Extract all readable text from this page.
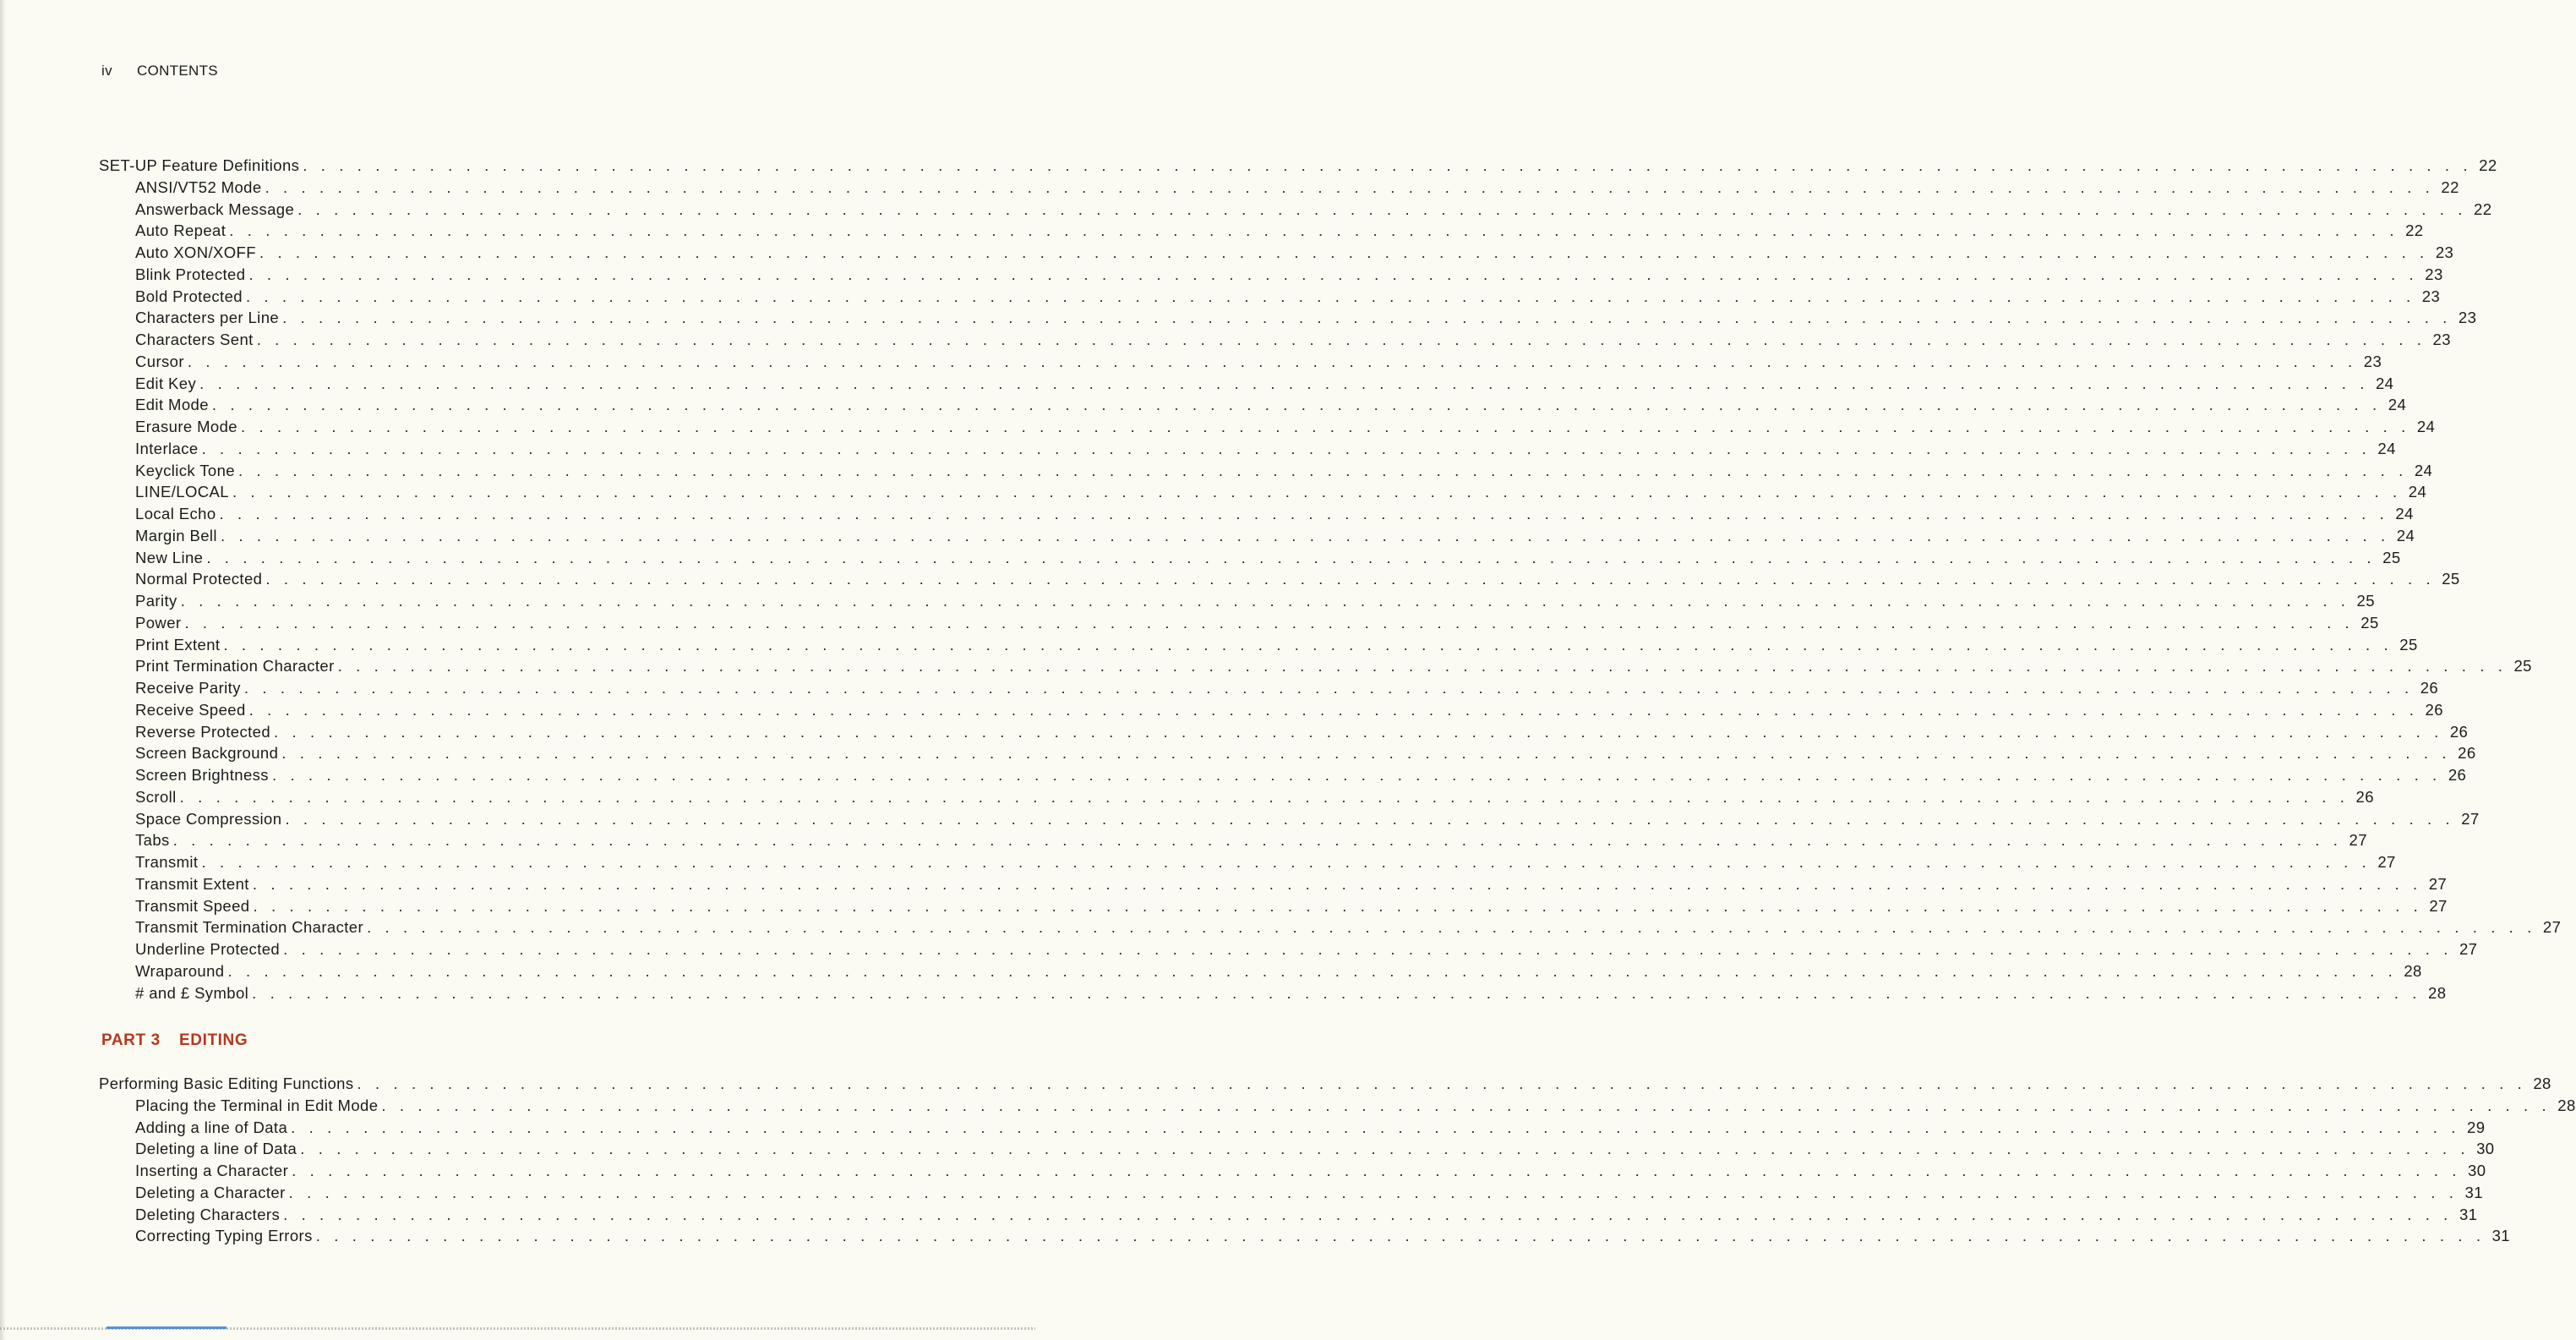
iv CONTENTS
SET-UP Feature Definitions . . . . . . . . . . . . . . . . . . . . . . . . . . . . . . . . . . . . . . . . . . . . . . . . . . . . . . . . . . . . . . . . . . . . . . . . . . . . . . . . . . . . . . . . . . . . . . . . . . . . . . . . . . . . . . . . . . . . . . . . 22
ANSI/VT52 Mode . . . . . . . . . . . . . . . . . . . . . . . . . . . . . . . . . . . . . . . . . . . . . . . . . . . . . . . . . . . . . . . . . . . . . . . . . . . . . . . . . . . . . . . . . . . . . . . . . . . . . . . . . . . . . . . . . . . . . . . . 22
Answerback Message . . . . . . . . . . . . . . . . . . . . . . . . . . . . . . . . . . . . . . . . . . . . . . . . . . . . . . . . . . . . . . . . . . . . . . . . . . . . . . . . . . . . . . . . . . . . . . . . . . . . . . . . . . . . . . . . . . . . . . . . 22
Auto Repeat . . . . . . . . . . . . . . . . . . . . . . . . . . . . . . . . . . . . . . . . . . . . . . . . . . . . . . . . . . . . . . . . . . . . . . . . . . . . . . . . . . . . . . . . . . . . . . . . . . . . . . . . . . . . . . . . . . . . . . . . 22
Auto XON/XOFF . . . . . . . . . . . . . . . . . . . . . . . . . . . . . . . . . . . . . . . . . . . . . . . . . . . . . . . . . . . . . . . . . . . . . . . . . . . . . . . . . . . . . . . . . . . . . . . . . . . . . . . . . . . . . . . . . . . . . . . . 23
Blink Protected . . . . . . . . . . . . . . . . . . . . . . . . . . . . . . . . . . . . . . . . . . . . . . . . . . . . . . . . . . . . . . . . . . . . . . . . . . . . . . . . . . . . . . . . . . . . . . . . . . . . . . . . . . . . . . . . . . . . . . . . 23
Bold Protected . . . . . . . . . . . . . . . . . . . . . . . . . . . . . . . . . . . . . . . . . . . . . . . . . . . . . . . . . . . . . . . . . . . . . . . . . . . . . . . . . . . . . . . . . . . . . . . . . . . . . . . . . . . . . . . . . . . . . . . . 23
Characters per Line . . . . . . . . . . . . . . . . . . . . . . . . . . . . . . . . . . . . . . . . . . . . . . . . . . . . . . . . . . . . . . . . . . . . . . . . . . . . . . . . . . . . . . . . . . . . . . . . . . . . . . . . . . . . . . . . . . . . . . . . 23
Characters Sent . . . . . . . . . . . . . . . . . . . . . . . . . . . . . . . . . . . . . . . . . . . . . . . . . . . . . . . . . . . . . . . . . . . . . . . . . . . . . . . . . . . . . . . . . . . . . . . . . . . . . . . . . . . . . . . . . . . . . . . . 23
Cursor . . . . . . . . . . . . . . . . . . . . . . . . . . . . . . . . . . . . . . . . . . . . . . . . . . . . . . . . . . . . . . . . . . . . . . . . . . . . . . . . . . . . . . . . . . . . . . . . . . . . . . . . . . . . . . . . . . . . . . . . 23
Edit Key . . . . . . . . . . . . . . . . . . . . . . . . . . . . . . . . . . . . . . . . . . . . . . . . . . . . . . . . . . . . . . . . . . . . . . . . . . . . . . . . . . . . . . . . . . . . . . . . . . . . . . . . . . . . . . . . . . . . . . . . 24
Edit Mode . . . . . . . . . . . . . . . . . . . . . . . . . . . . . . . . . . . . . . . . . . . . . . . . . . . . . . . . . . . . . . . . . . . . . . . . . . . . . . . . . . . . . . . . . . . . . . . . . . . . . . . . . . . . . . . . . . . . . . . . 24
Erasure Mode . . . . . . . . . . . . . . . . . . . . . . . . . . . . . . . . . . . . . . . . . . . . . . . . . . . . . . . . . . . . . . . . . . . . . . . . . . . . . . . . . . . . . . . . . . . . . . . . . . . . . . . . . . . . . . . . . . . . . . . . 24
Interlace . . . . . . . . . . . . . . . . . . . . . . . . . . . . . . . . . . . . . . . . . . . . . . . . . . . . . . . . . . . . . . . . . . . . . . . . . . . . . . . . . . . . . . . . . . . . . . . . . . . . . . . . . . . . . . . . . . . . . . . . 24
Keyclick Tone . . . . . . . . . . . . . . . . . . . . . . . . . . . . . . . . . . . . . . . . . . . . . . . . . . . . . . . . . . . . . . . . . . . . . . . . . . . . . . . . . . . . . . . . . . . . . . . . . . . . . . . . . . . . . . . . . . . . . . . . 24
LINE/LOCAL . . . . . . . . . . . . . . . . . . . . . . . . . . . . . . . . . . . . . . . . . . . . . . . . . . . . . . . . . . . . . . . . . . . . . . . . . . . . . . . . . . . . . . . . . . . . . . . . . . . . . . . . . . . . . . . . . . . . . . . . 24
Local Echo . . . . . . . . . . . . . . . . . . . . . . . . . . . . . . . . . . . . . . . . . . . . . . . . . . . . . . . . . . . . . . . . . . . . . . . . . . . . . . . . . . . . . . . . . . . . . . . . . . . . . . . . . . . . . . . . . . . . . . . . 24
Margin Bell . . . . . . . . . . . . . . . . . . . . . . . . . . . . . . . . . . . . . . . . . . . . . . . . . . . . . . . . . . . . . . . . . . . . . . . . . . . . . . . . . . . . . . . . . . . . . . . . . . . . . . . . . . . . . . . . . . . . . . . . 24
New Line . . . . . . . . . . . . . . . . . . . . . . . . . . . . . . . . . . . . . . . . . . . . . . . . . . . . . . . . . . . . . . . . . . . . . . . . . . . . . . . . . . . . . . . . . . . . . . . . . . . . . . . . . . . . . . . . . . . . . . . . 25
Normal Protected . . . . . . . . . . . . . . . . . . . . . . . . . . . . . . . . . . . . . . . . . . . . . . . . . . . . . . . . . . . . . . . . . . . . . . . . . . . . . . . . . . . . . . . . . . . . . . . . . . . . . . . . . . . . . . . . . . . . . . . . 25
Parity . . . . . . . . . . . . . . . . . . . . . . . . . . . . . . . . . . . . . . . . . . . . . . . . . . . . . . . . . . . . . . . . . . . . . . . . . . . . . . . . . . . . . . . . . . . . . . . . . . . . . . . . . . . . . . . . . . . . . . . . 25
Power . . . . . . . . . . . . . . . . . . . . . . . . . . . . . . . . . . . . . . . . . . . . . . . . . . . . . . . . . . . . . . . . . . . . . . . . . . . . . . . . . . . . . . . . . . . . . . . . . . . . . . . . . . . . . . . . . . . . . . . . 25
Print Extent . . . . . . . . . . . . . . . . . . . . . . . . . . . . . . . . . . . . . . . . . . . . . . . . . . . . . . . . . . . . . . . . . . . . . . . . . . . . . . . . . . . . . . . . . . . . . . . . . . . . . . . . . . . . . . . . . . . . . . . . 25
Print Termination Character . . . . . . . . . . . . . . . . . . . . . . . . . . . . . . . . . . . . . . . . . . . . . . . . . . . . . . . . . . . . . . . . . . . . . . . . . . . . . . . . . . . . . . . . . . . . . . . . . . . . . . . . . . . . . . . . . . . . . . . . 25
Receive Parity . . . . . . . . . . . . . . . . . . . . . . . . . . . . . . . . . . . . . . . . . . . . . . . . . . . . . . . . . . . . . . . . . . . . . . . . . . . . . . . . . . . . . . . . . . . . . . . . . . . . . . . . . . . . . . . . . . . . . . . . 26
Receive Speed . . . . . . . . . . . . . . . . . . . . . . . . . . . . . . . . . . . . . . . . . . . . . . . . . . . . . . . . . . . . . . . . . . . . . . . . . . . . . . . . . . . . . . . . . . . . . . . . . . . . . . . . . . . . . . . . . . . . . . . . 26
Reverse Protected . . . . . . . . . . . . . . . . . . . . . . . . . . . . . . . . . . . . . . . . . . . . . . . . . . . . . . . . . . . . . . . . . . . . . . . . . . . . . . . . . . . . . . . . . . . . . . . . . . . . . . . . . . . . . . . . . . . . . . . . 26
Screen Background . . . . . . . . . . . . . . . . . . . . . . . . . . . . . . . . . . . . . . . . . . . . . . . . . . . . . . . . . . . . . . . . . . . . . . . . . . . . . . . . . . . . . . . . . . . . . . . . . . . . . . . . . . . . . . . . . . . . . . . . 26
Screen Brightness . . . . . . . . . . . . . . . . . . . . . . . . . . . . . . . . . . . . . . . . . . . . . . . . . . . . . . . . . . . . . . . . . . . . . . . . . . . . . . . . . . . . . . . . . . . . . . . . . . . . . . . . . . . . . . . . . . . . . . . . 26
Scroll . . . . . . . . . . . . . . . . . . . . . . . . . . . . . . . . . . . . . . . . . . . . . . . . . . . . . . . . . . . . . . . . . . . . . . . . . . . . . . . . . . . . . . . . . . . . . . . . . . . . . . . . . . . . . . . . . . . . . . . . 26
Space Compression . . . . . . . . . . . . . . . . . . . . . . . . . . . . . . . . . . . . . . . . . . . . . . . . . . . . . . . . . . . . . . . . . . . . . . . . . . . . . . . . . . . . . . . . . . . . . . . . . . . . . . . . . . . . . . . . . . . . . . . . 27
Tabs . . . . . . . . . . . . . . . . . . . . . . . . . . . . . . . . . . . . . . . . . . . . . . . . . . . . . . . . . . . . . . . . . . . . . . . . . . . . . . . . . . . . . . . . . . . . . . . . . . . . . . . . . . . . . . . . . . . . . . . . 27
Transmit . . . . . . . . . . . . . . . . . . . . . . . . . . . . . . . . . . . . . . . . . . . . . . . . . . . . . . . . . . . . . . . . . . . . . . . . . . . . . . . . . . . . . . . . . . . . . . . . . . . . . . . . . . . . . . . . . . . . . . . . 27
Transmit Extent . . . . . . . . . . . . . . . . . . . . . . . . . . . . . . . . . . . . . . . . . . . . . . . . . . . . . . . . . . . . . . . . . . . . . . . . . . . . . . . . . . . . . . . . . . . . . . . . . . . . . . . . . . . . . . . . . . . . . . . . 27
Transmit Speed . . . . . . . . . . . . . . . . . . . . . . . . . . . . . . . . . . . . . . . . . . . . . . . . . . . . . . . . . . . . . . . . . . . . . . . . . . . . . . . . . . . . . . . . . . . . . . . . . . . . . . . . . . . . . . . . . . . . . . . . 27
Transmit Termination Character . . . . . . . . . . . . . . . . . . . . . . . . . . . . . . . . . . . . . . . . . . . . . . . . . . . . . . . . . . . . . . . . . . . . . . . . . . . . . . . . . . . . . . . . . . . . . . . . . . . . . . . . . . . . . . . . . . . . . . . . 27
Underline Protected . . . . . . . . . . . . . . . . . . . . . . . . . . . . . . . . . . . . . . . . . . . . . . . . . . . . . . . . . . . . . . . . . . . . . . . . . . . . . . . . . . . . . . . . . . . . . . . . . . . . . . . . . . . . . . . . . . . . . . . . 27
Wraparound . . . . . . . . . . . . . . . . . . . . . . . . . . . . . . . . . . . . . . . . . . . . . . . . . . . . . . . . . . . . . . . . . . . . . . . . . . . . . . . . . . . . . . . . . . . . . . . . . . . . . . . . . . . . . . . . . . . . . . . . 28
# and £ Symbol . . . . . . . . . . . . . . . . . . . . . . . . . . . . . . . . . . . . . . . . . . . . . . . . . . . . . . . . . . . . . . . . . . . . . . . . . . . . . . . . . . . . . . . . . . . . . . . . . . . . . . . . . . . . . . . . . . . . . . . . 28
Performing Basic Editing Functions . . . . . . . . . . . . . . . . . . . . . . . . . . . . . . . . . . . . . . . . . . . . . . . . . . . . . . . . . . . . . . . . . . . . . . . . . . . . . . . . . . . . . . . . . . . . . . . . . . . . . . . . . . . . . . . . . . . . . . . . 28
Placing the Terminal in Edit Mode . . . . . . . . . . . . . . . . . . . . . . . . . . . . . . . . . . . . . . . . . . . . . . . . . . . . . . . . . . . . . . . . . . . . . . . . . . . . . . . . . . . . . . . . . . . . . . . . . . . . . . . . . . . . . . . . . . . . . . . . 28
Adding a line of Data . . . . . . . . . . . . . . . . . . . . . . . . . . . . . . . . . . . . . . . . . . . . . . . . . . . . . . . . . . . . . . . . . . . . . . . . . . . . . . . . . . . . . . . . . . . . . . . . . . . . . . . . . . . . . . . . . . . . . . . . 29
Deleting a line of Data . . . . . . . . . . . . . . . . . . . . . . . . . . . . . . . . . . . . . . . . . . . . . . . . . . . . . . . . . . . . . . . . . . . . . . . . . . . . . . . . . . . . . . . . . . . . . . . . . . . . . . . . . . . . . . . . . . . . . . . . 30
Inserting a Character . . . . . . . . . . . . . . . . . . . . . . . . . . . . . . . . . . . . . . . . . . . . . . . . . . . . . . . . . . . . . . . . . . . . . . . . . . . . . . . . . . . . . . . . . . . . . . . . . . . . . . . . . . . . . . . . . . . . . . . . 30
Deleting a Character . . . . . . . . . . . . . . . . . . . . . . . . . . . . . . . . . . . . . . . . . . . . . . . . . . . . . . . . . . . . . . . . . . . . . . . . . . . . . . . . . . . . . . . . . . . . . . . . . . . . . . . . . . . . . . . . . . . . . . . . 31
Deleting Characters . . . . . . . . . . . . . . . . . . . . . . . . . . . . . . . . . . . . . . . . . . . . . . . . . . . . . . . . . . . . . . . . . . . . . . . . . . . . . . . . . . . . . . . . . . . . . . . . . . . . . . . . . . . . . . . . . . . . . . . . 31
Correcting Typing Errors . . . . . . . . . . . . . . . . . . . . . . . . . . . . . . . . . . . . . . . . . . . . . . . . . . . . . . . . . . . . . . . . . . . . . . . . . . . . . . . . . . . . . . . . . . . . . . . . . . . . . . . . . . . . . . . . . . . . . . . . 31
PART 3 EDITING
